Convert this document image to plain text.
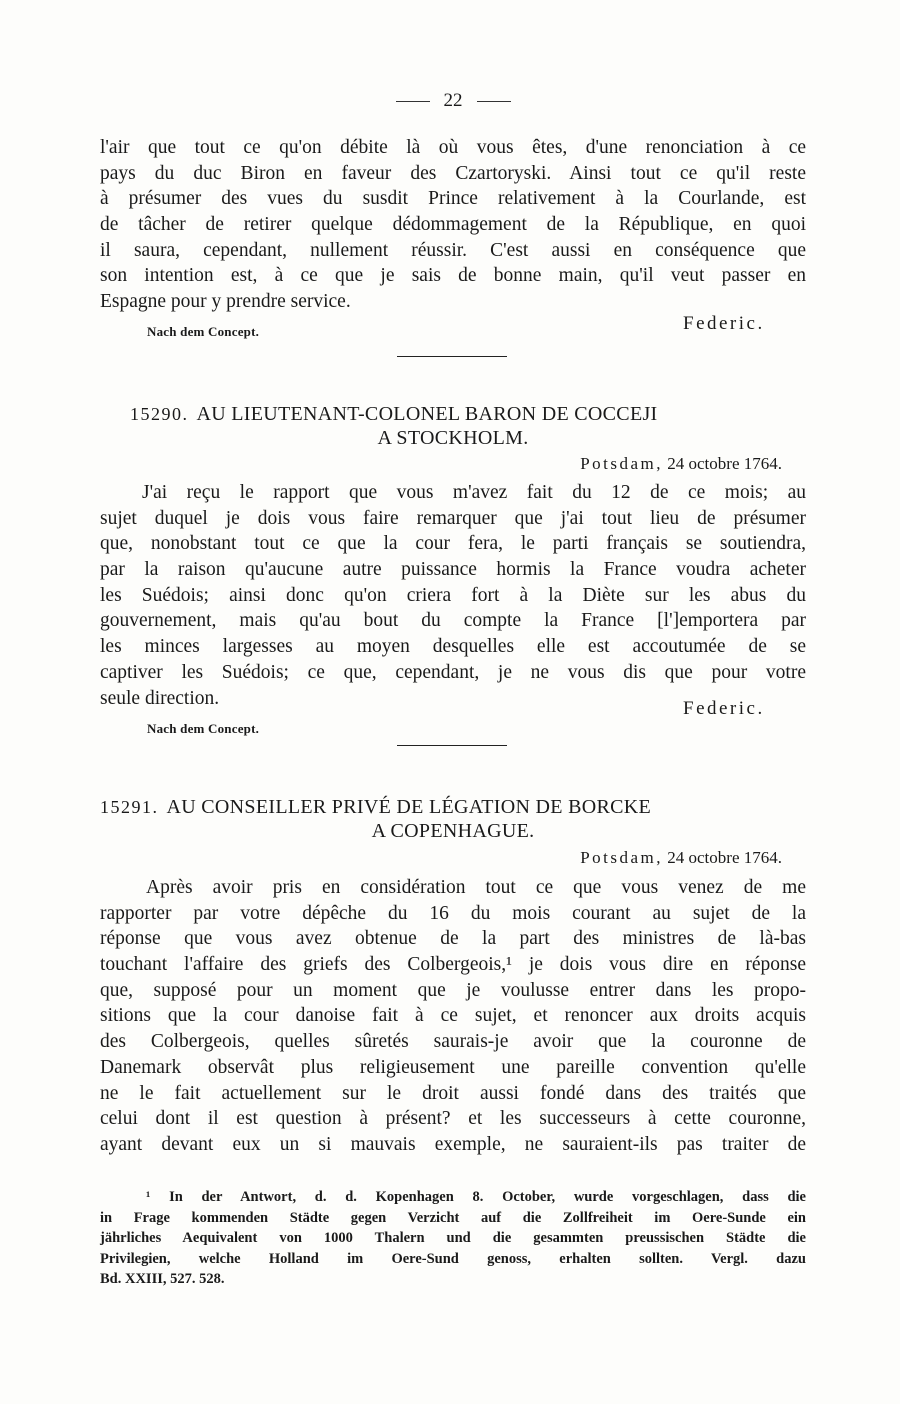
22
l'air que tout ce qu'on débite là où vous êtes, d'une renonciation à ce
pays du duc Biron en faveur des Czartoryski. Ainsi tout ce qu'il reste
à présumer des vues du susdit Prince relativement à la Courlande, est
de tâcher de retirer quelque dédommagement de la République, en quoi
il saura, cependant, nullement réussir. C'est aussi en conséquence que
son intention est, à ce que je sais de bonne main, qu'il veut passer en
Espagne pour y prendre service.
Nach dem Concept.	Federic.
15290. AU LIEUTENANT-COLONEL BARON DE COCCEJI
A STOCKHOLM.
Potsdam, 24 octobre 1764.
J'ai reçu le rapport que vous m'avez fait du 12 de ce mois; au
sujet duquel je dois vous faire remarquer que j'ai tout lieu de présumer
que, nonobstant tout ce que la cour fera, le parti français se soutiendra,
par la raison qu'aucune autre puissance hormis la France voudra acheter
les Suédois; ainsi donc qu'on criera fort à la Diète sur les abus du
gouvernement, mais qu'au bout du compte la France [l']emportera par
les minces largesses au moyen desquelles elle est accoutumée de se
captiver les Suédois; ce que, cependant, je ne vous dis que pour votre
seule direction.	Federic.
Nach dem Concept.
15291. AU CONSEILLER PRIVÉ DE LÉGATION DE BORCKE
A COPENHAGUE.
Potsdam, 24 octobre 1764.
Après avoir pris en considération tout ce que vous venez de me
rapporter par votre dépêche du 16 du mois courant au sujet de la
réponse que vous avez obtenue de la part des ministres de là-bas
touchant l'affaire des griefs des Colbergeois,¹ je dois vous dire en réponse
que, supposé pour un moment que je voulusse entrer dans les propo-
sitions que la cour danoise fait à ce sujet, et renoncer aux droits acquis
des Colbergeois, quelles sûretés saurais-je avoir que la couronne de
Danemark observât plus religieusement une pareille convention qu'elle
ne le fait actuellement sur le droit aussi fondé dans des traités que
celui dont il est question à présent? et les successeurs à cette couronne,
ayant devant eux un si mauvais exemple, ne sauraient-ils pas traiter de
¹ In der Antwort, d. d. Kopenhagen 8. October, wurde vorgeschlagen, dass die
in Frage kommenden Städte gegen Verzicht auf die Zollfreiheit im Oere-Sunde ein
jährliches Aequivalent von 1000 Thalern und die gesammten preussischen Städte die
Privilegien, welche Holland im Oere-Sund genoss, erhalten sollten. Vergl. dazu
Bd. XXIII, 527. 528.
